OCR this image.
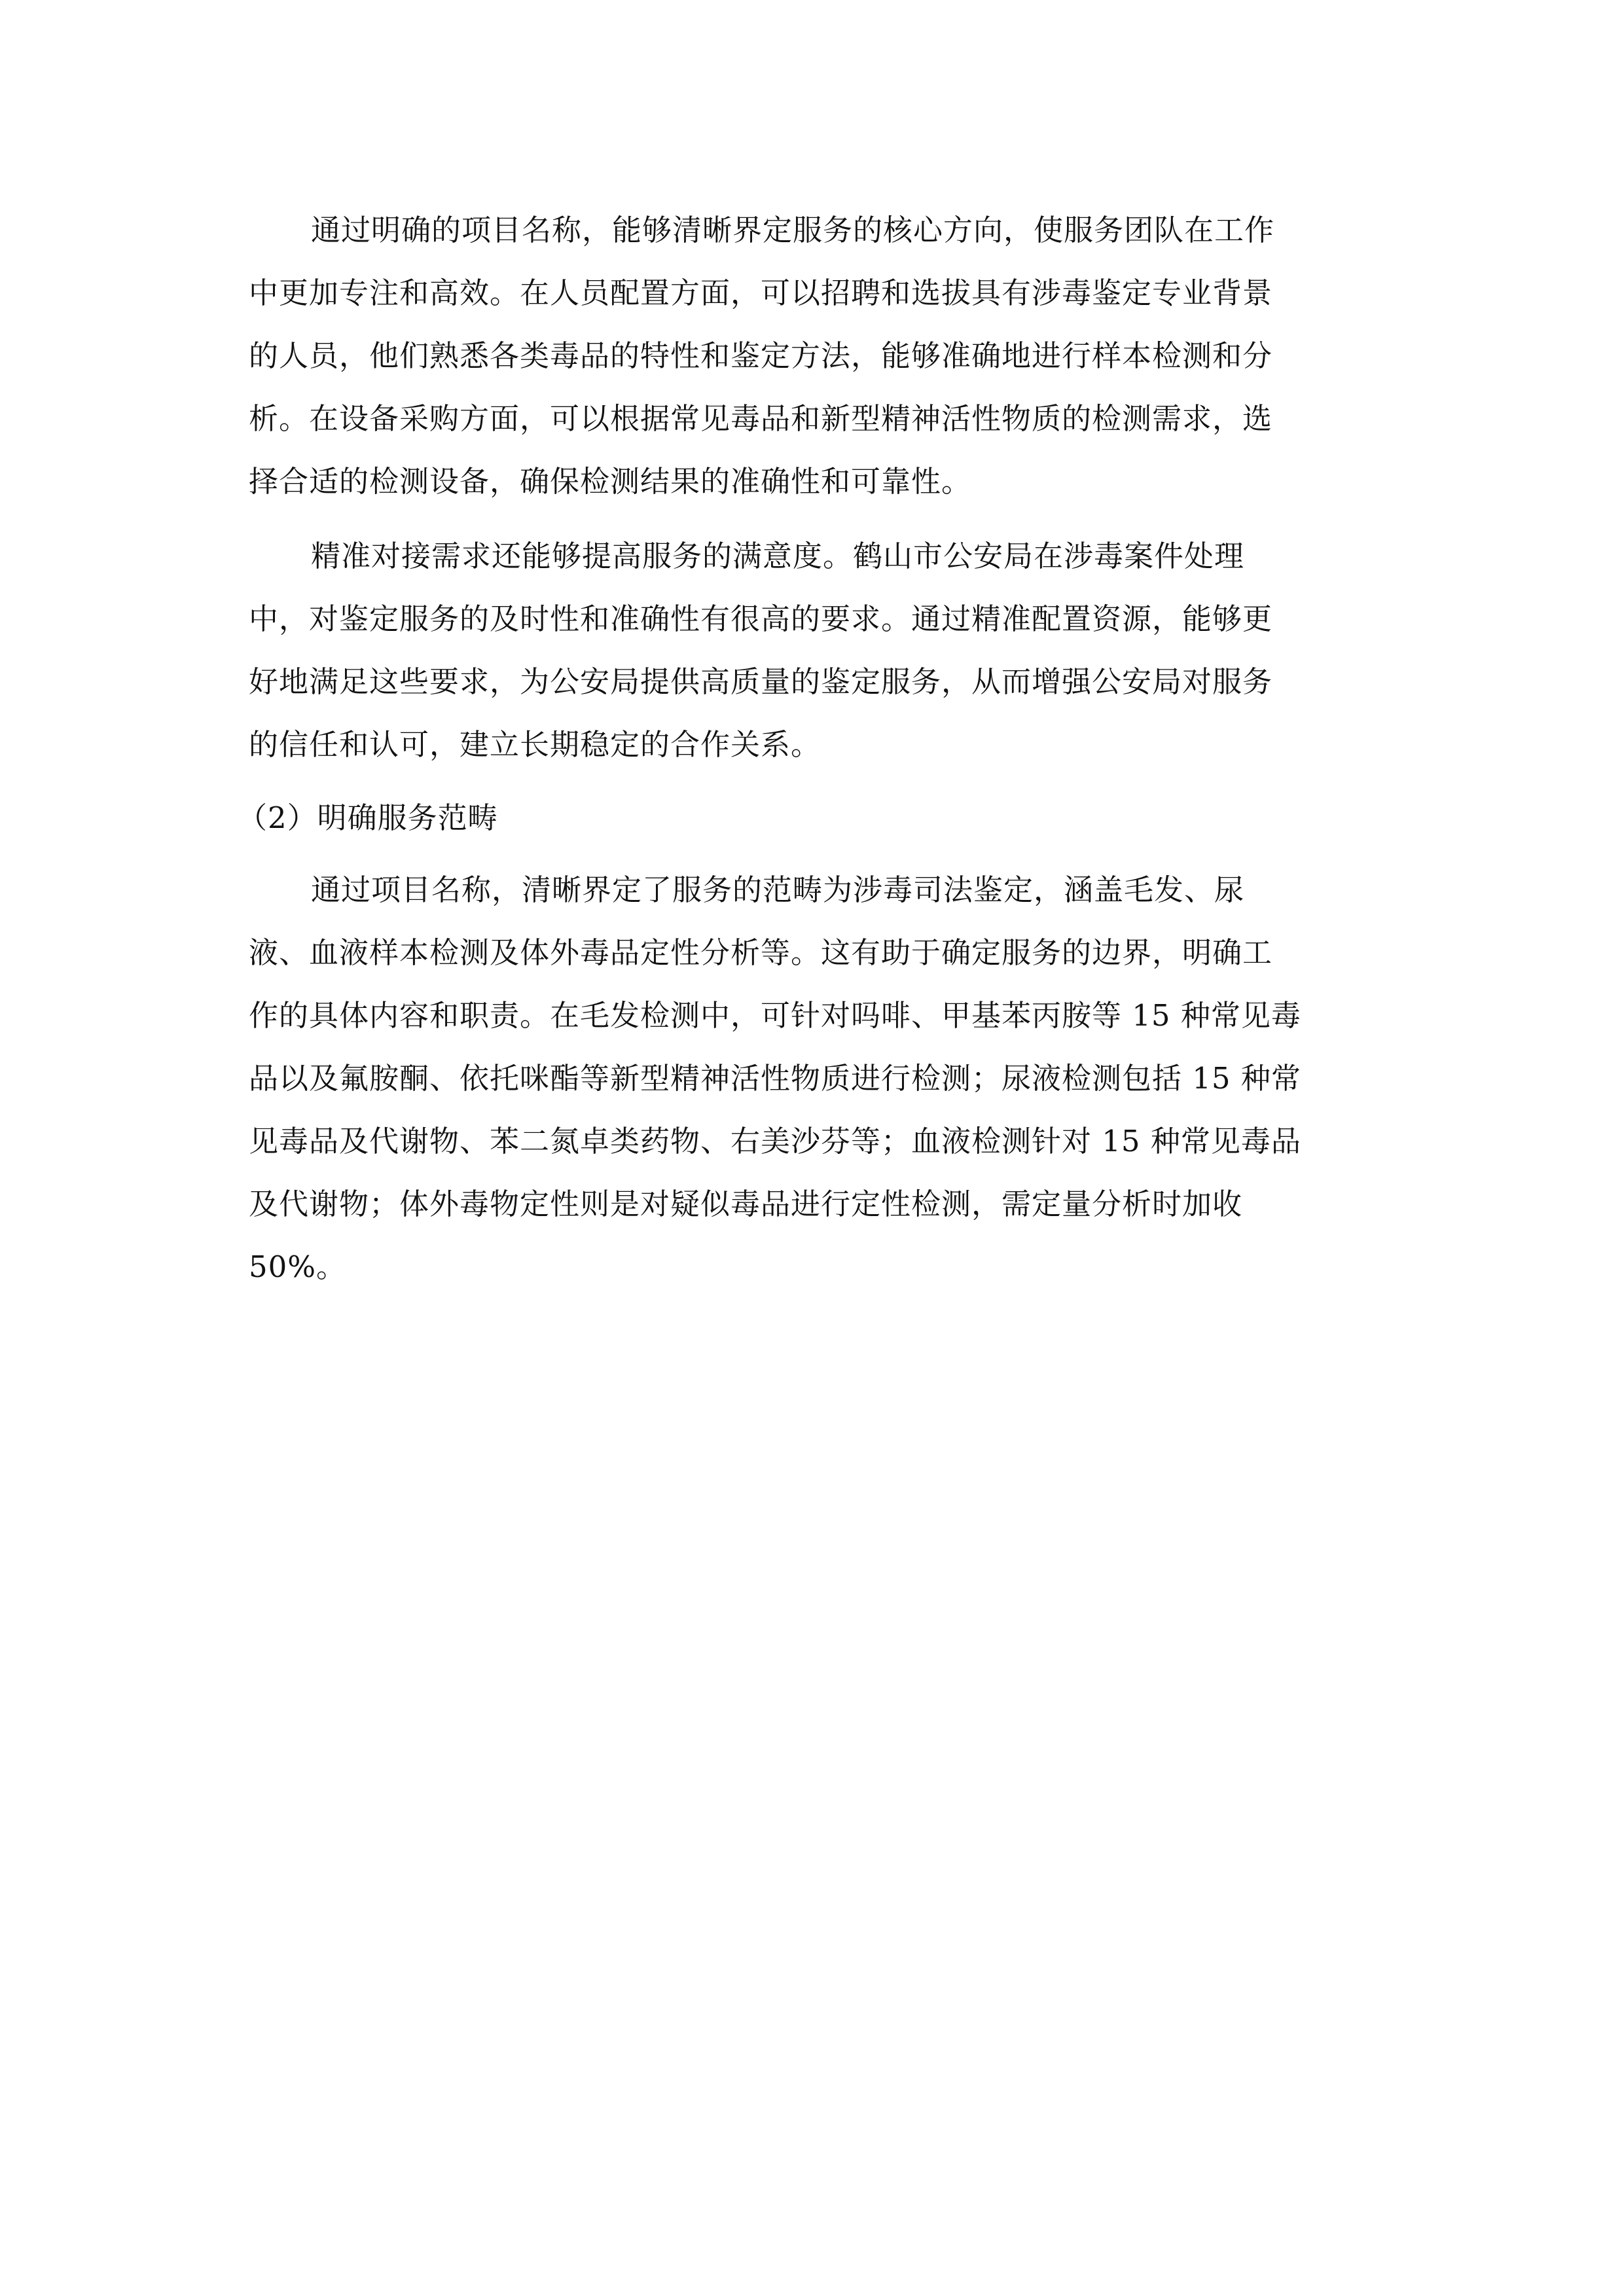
通过明确的项目名称，能够清晰界定服务的核心方向，使服务团队在工作

中更加专注和高效。在人员配置方面，可以招聘和选拔具有涉毒鉴定专业背景

的人员，他们熟悉各类毒品的特性和鉴定方法，能够准确地进行样本检测和分

析。在设备采购方面，可以根据常见毒品和新型精神活性物质的检测需求，选

择合适的检测设备，确保检测结果的准确性和可靠性。

精准对接需求还能够提高服务的满意度。鹤山市公安局在涉毒案件处理

中，对鉴定服务的及时性和准确性有很高的要求。通过精准配置资源，能够更

好地满足这些要求，为公安局提供高质量的鉴定服务，从而增强公安局对服务

的信任和认可，建立长期稳定的合作关系。

（2）明确服务范畴

通过项目名称，清晰界定了服务的范畴为涉毒司法鉴定，涵盖毛发、尿

液、血液样本检测及体外毒品定性分析等。这有助于确定服务的边界，明确工

作的具体内容和职责。在毛发检测中，可针对吗啡、甲基苯丙胺等 15 种常见毒

品以及氟胺酮、依托咪酯等新型精神活性物质进行检测；尿液检测包括 15 种常

见毒品及代谢物、苯二氮卓类药物、右美沙芬等；血液检测针对 15 种常见毒品

及代谢物；体外毒物定性则是对疑似毒品进行定性检测，需定量分析时加收

50%。
